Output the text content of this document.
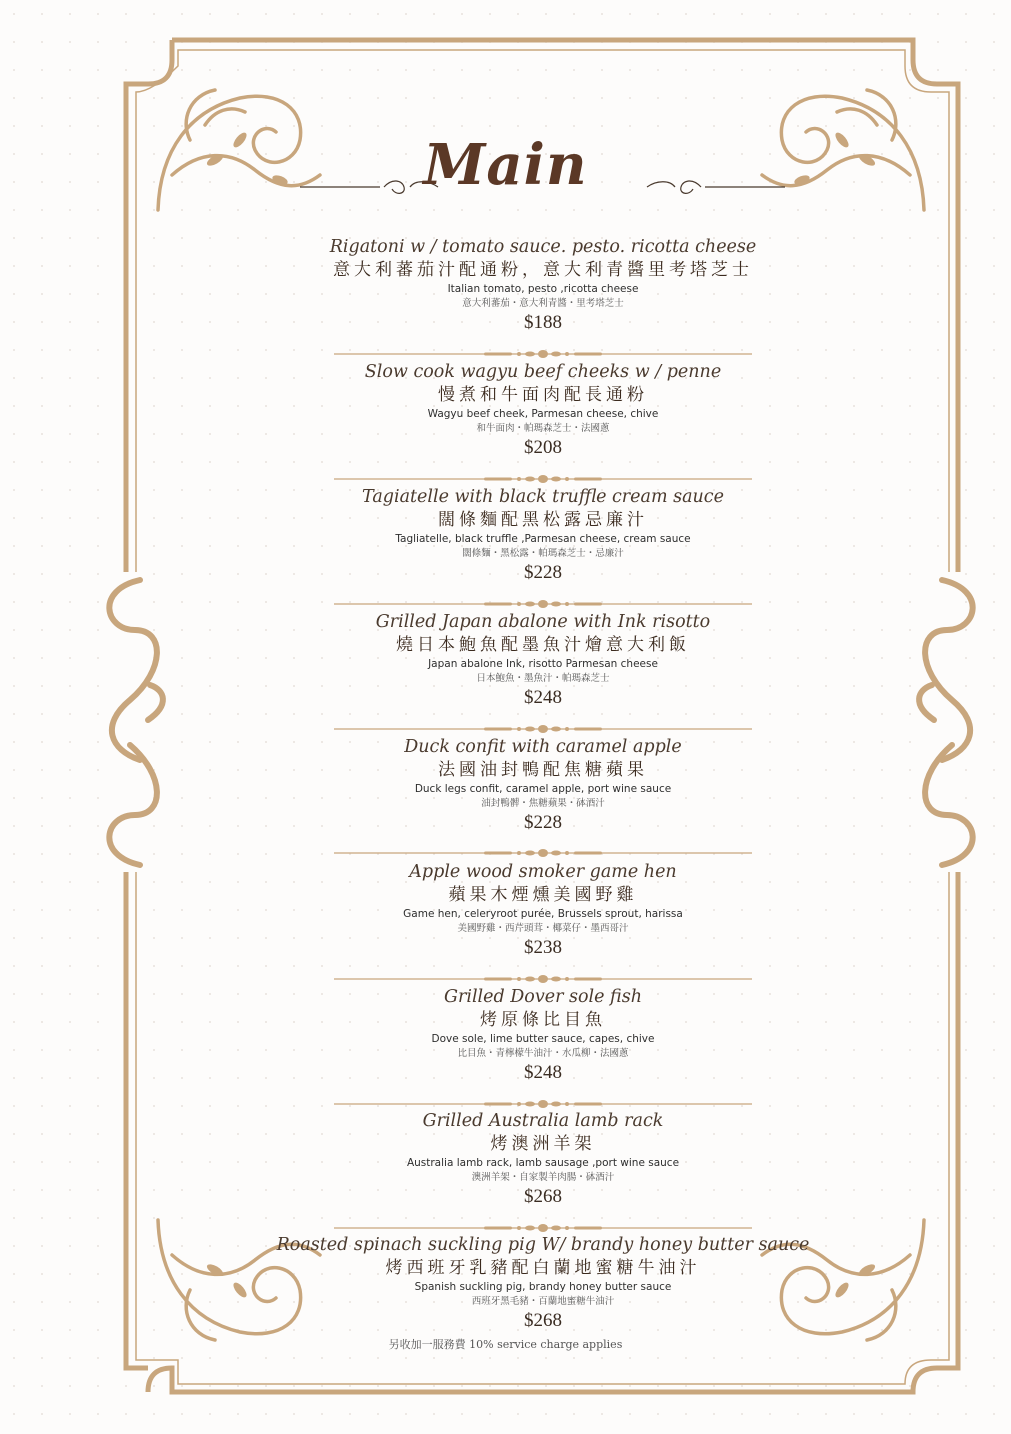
Main
Rigatoni w / tomato sauce. pesto. ricotta cheese
意大利蕃茄汁配通粉，意大利青醬里考塔芝士
Italian tomato, pesto ,ricotta cheese
意大利蕃茄・意大利青醬・里考塔芝士
$188
Slow cook wagyu beef cheeks w / penne
慢煮和牛面肉配長通粉
Wagyu beef cheek, Parmesan cheese, chive
和牛面肉・帕瑪森芝士・法國蔥
$208
Tagiatelle with black truffle cream sauce
闊條麵配黑松露忌廉汁
Tagliatelle, black truffle ,Parmesan cheese, cream sauce
闊條麵・黑松露・帕瑪森芝士・忌廉汁
$228
Grilled Japan abalone with Ink risotto
燒日本鮑魚配墨魚汁燴意大利飯
Japan abalone Ink, risotto Parmesan cheese
日本鮑魚・墨魚汁・帕瑪森芝士
$248
Duck confit with caramel apple
法國油封鴨配焦糖蘋果
Duck legs confit, caramel apple, port wine sauce
油封鴨髀・焦糖蘋果・砵酒汁
$228
Apple wood smoker game hen
蘋果木煙燻美國野雞
Game hen, celeryroot purée, Brussels sprout, harissa
美國野雞・西芹頭茸・椰菜仔・墨西哥汁
$238
Grilled Dover sole fish
烤原條比目魚
Dove sole, lime butter sauce, capes, chive
比目魚・青檸檬牛油汁・水瓜柳・法國蔥
$248
Grilled Australia lamb rack
烤澳洲羊架
Australia lamb rack, lamb sausage ,port wine sauce
澳洲羊架・自家製羊肉腸・砵酒汁
$268
Roasted spinach suckling pig W/ brandy honey butter sauce
烤西班牙乳豬配白蘭地蜜糖牛油汁
Spanish suckling pig, brandy honey butter sauce
西班牙黑毛豬・百蘭地蜜糖牛油汁
$268
另收加一服務費 10% service charge applies
